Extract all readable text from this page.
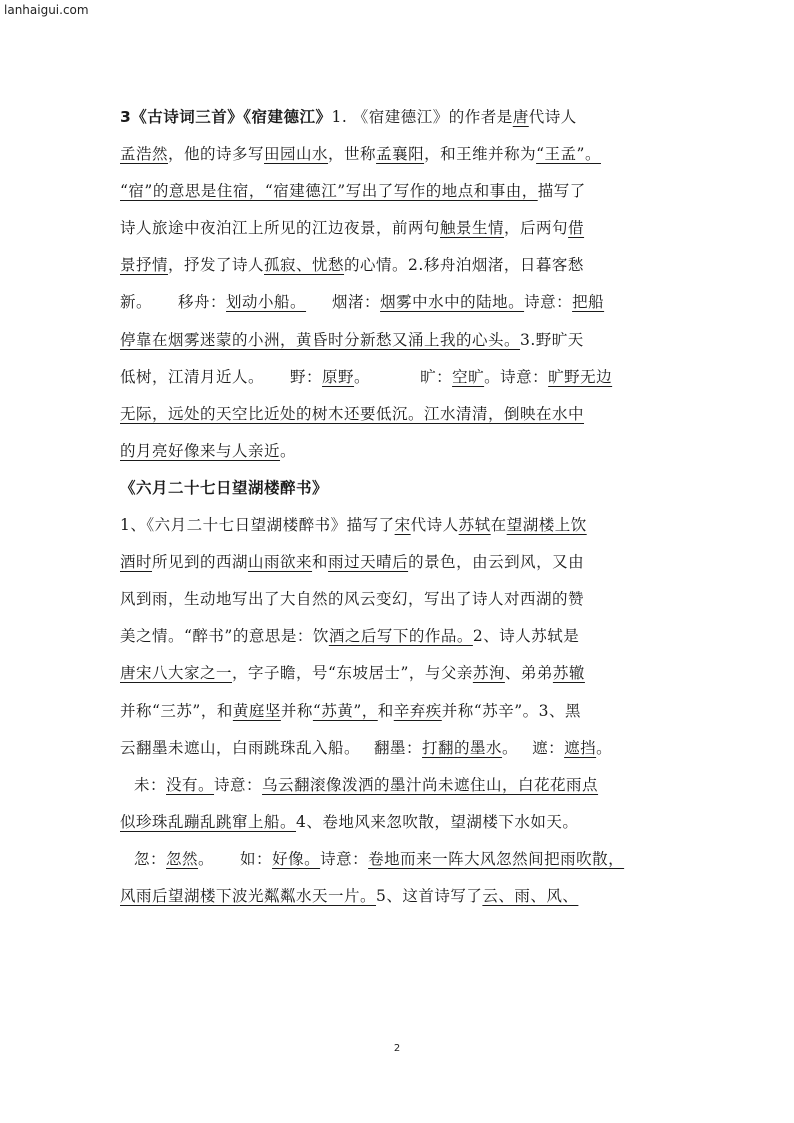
lanhaigui.com
3《古诗词三首》《宿建德江》1. 《宿建德江》的作者是唐代诗人
孟浩然，他的诗多写田园山水，世称孟襄阳，和王维并称为“王孟”。
“宿”的意思是住宿，“宿建德江”写出了写作的地点和事由，描写了
诗人旅途中夜泊江上所见的江边夜景，前两句触景生情，后两句借
景抒情，抒发了诗人孤寂、忧愁的心情。2.移舟泊烟渚，日暮客愁
新。 移舟：划动小船。 烟渚：烟雾中水中的陆地。诗意：把船
停靠在烟雾迷蒙的小洲，黄昏时分新愁又涌上我的心头。3.野旷天
低树，江清月近人。 野：原野。	旷：空旷。诗意：旷野无边
无际，远处的天空比近处的树木还要低沉。江水清清，倒映在水中
的月亮好像来与人亲近。
《六月二十七日望湖楼醉书》
1、《六月二十七日望湖楼醉书》描写了宋代诗人苏轼在望湖楼上饮
酒时所见到的西湖山雨欲来和雨过天晴后的景色，由云到风，又由
风到雨，生动地写出了大自然的风云变幻，写出了诗人对西湖的赞
美之情。“醉书”的意思是：饮酒之后写下的作品。2、诗人苏轼是
唐宋八大家之一，字子瞻，号“东坡居士”，与父亲苏洵、弟弟苏辙
并称“三苏”，和黄庭坚并称“苏黄”，和辛弃疾并称“苏辛”。3、黑
云翻墨未遮山，白雨跳珠乱入船。 翻墨：打翻的墨水。 遮：遮挡。
未：没有。诗意：乌云翻滚像泼洒的墨汁尚未遮住山，白花花雨点
似珍珠乱蹦乱跳窜上船。4、卷地风来忽吹散，望湖楼下水如天。
忽：忽然。 如：好像。诗意：卷地而来一阵大风忽然间把雨吹散，
风雨后望湖楼下波光粼粼水天一片。5、这首诗写了云、雨、风、
2
